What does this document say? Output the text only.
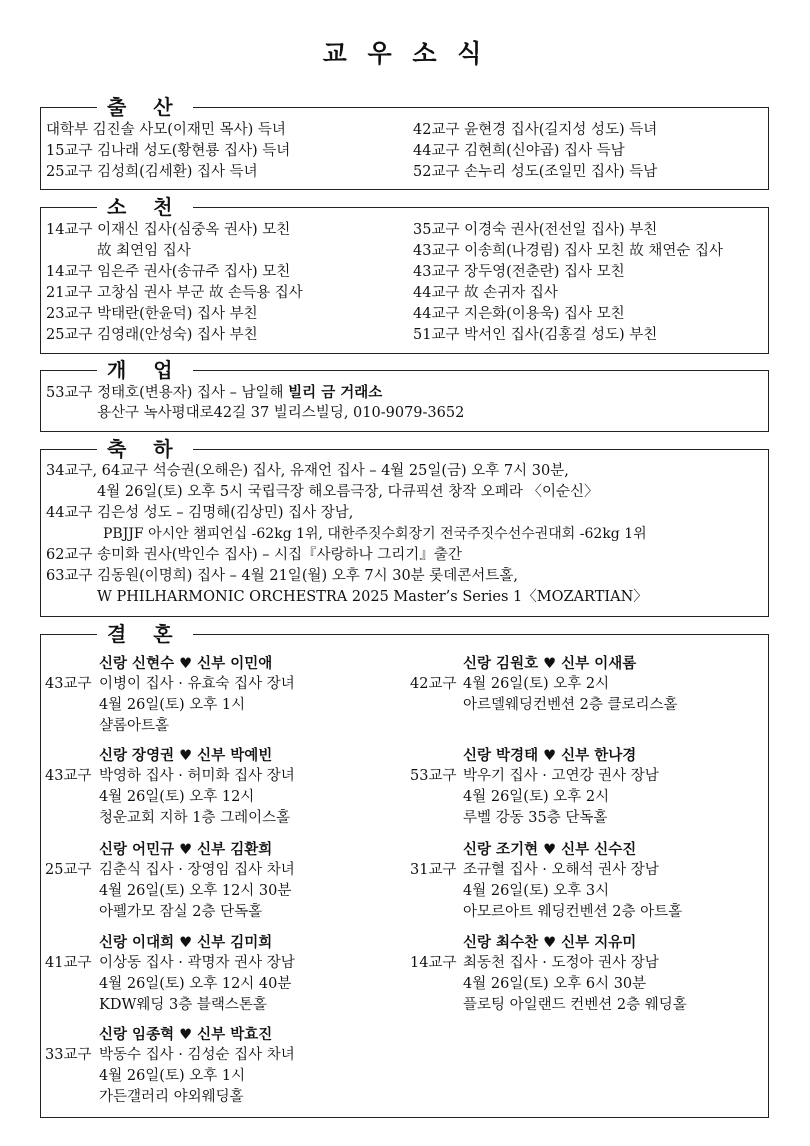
교 우 소 식
출 산
대학부 김진솔 사모(이재민 목사) 득녀
15교구 김나래 성도(황현룡 집사) 득녀
25교구 김성희(김세환) 집사 득녀
42교구 윤현경 집사(길지성 성도) 득녀
44교구 김현희(신야곱) 집사 득남
52교구 손누리 성도(조일민 집사) 득남
소 천
14교구 이재신 집사(심중옥 권사) 모친
故 최연임 집사
14교구 임은주 권사(송규주 집사) 모친
21교구 고창심 권사 부군 故 손득용 집사
23교구 박태란(한윤덕) 집사 부친
25교구 김영래(안성숙) 집사 부친
35교구 이경숙 권사(전선일 집사) 부친
43교구 이송희(나경림) 집사 모친 故 채연순 집사
43교구 장두영(전춘란) 집사 모친
44교구 故 손귀자 집사
44교구 지은화(이용욱) 집사 모친
51교구 박서인 집사(김홍걸 성도) 부친
개 업
53교구 정태호(변용자) 집사 – 남일해 빌리 금 거래소
용산구 녹사평대로42길 37 빌리스빌딩, 010-9079-3652
축 하
34교구, 64교구 석승권(오해은) 집사, 유재언 집사 – 4월 25일(금) 오후 7시 30분,
4월 26일(토) 오후 5시 국립극장 해오름극장, 다큐픽션 창작 오페라 〈이순신〉
44교구 김은성 성도 – 김명해(김상민) 집사 장남,
PBJJF 아시안 챔피언십 -62kg 1위, 대한주짓수회장기 전국주짓수선수권대회 -62kg 1위
62교구 송미화 권사(박인수 집사) – 시집『사랑하나 그리기』출간
63교구 김동원(이명희) 집사 – 4월 21일(월) 오후 7시 30분 롯데콘서트홀,
W PHILHARMONIC ORCHESTRA 2025 Master’s Series 1〈MOZARTIAN〉
결 혼
신랑 신현수 ♥ 신부 이민애
43교구 이병이 집사 · 유효숙 집사 장녀
4월 26일(토) 오후 1시
샬롬아트홀
신랑 김원호 ♥ 신부 이새롬
42교구 4월 26일(토) 오후 2시
아르델웨딩컨벤션 2층 클로리스홀
신랑 장영권 ♥ 신부 박예빈
43교구 박영하 집사 · 허미화 집사 장녀
4월 26일(토) 오후 12시
청운교회 지하 1층 그레이스홀
신랑 박경태 ♥ 신부 한나경
53교구 박우기 집사 · 고연강 권사 장남
4월 26일(토) 오후 2시
루벨 강동 35층 단독홀
신랑 어민규 ♥ 신부 김환희
25교구 김춘식 집사 · 장영임 집사 차녀
4월 26일(토) 오후 12시 30분
아펠가모 잠실 2층 단독홀
신랑 조기현 ♥ 신부 신수진
31교구 조규혈 집사 · 오해석 권사 장남
4월 26일(토) 오후 3시
아모르아트 웨딩컨벤션 2층 아트홀
신랑 이대희 ♥ 신부 김미희
41교구 이상동 집사 · 곽명자 권사 장남
4월 26일(토) 오후 12시 40분
KDW웨딩 3층 블랙스톤홀
신랑 최수찬 ♥ 신부 지유미
14교구 최동천 집사 · 도정아 권사 장남
4월 26일(토) 오후 6시 30분
플로팅 아일랜드 컨벤션 2층 웨딩홀
신랑 임종혁 ♥ 신부 박효진
33교구 박동수 집사 · 김성순 집사 차녀
4월 26일(토) 오후 1시
가든갤러리 야외웨딩홀
